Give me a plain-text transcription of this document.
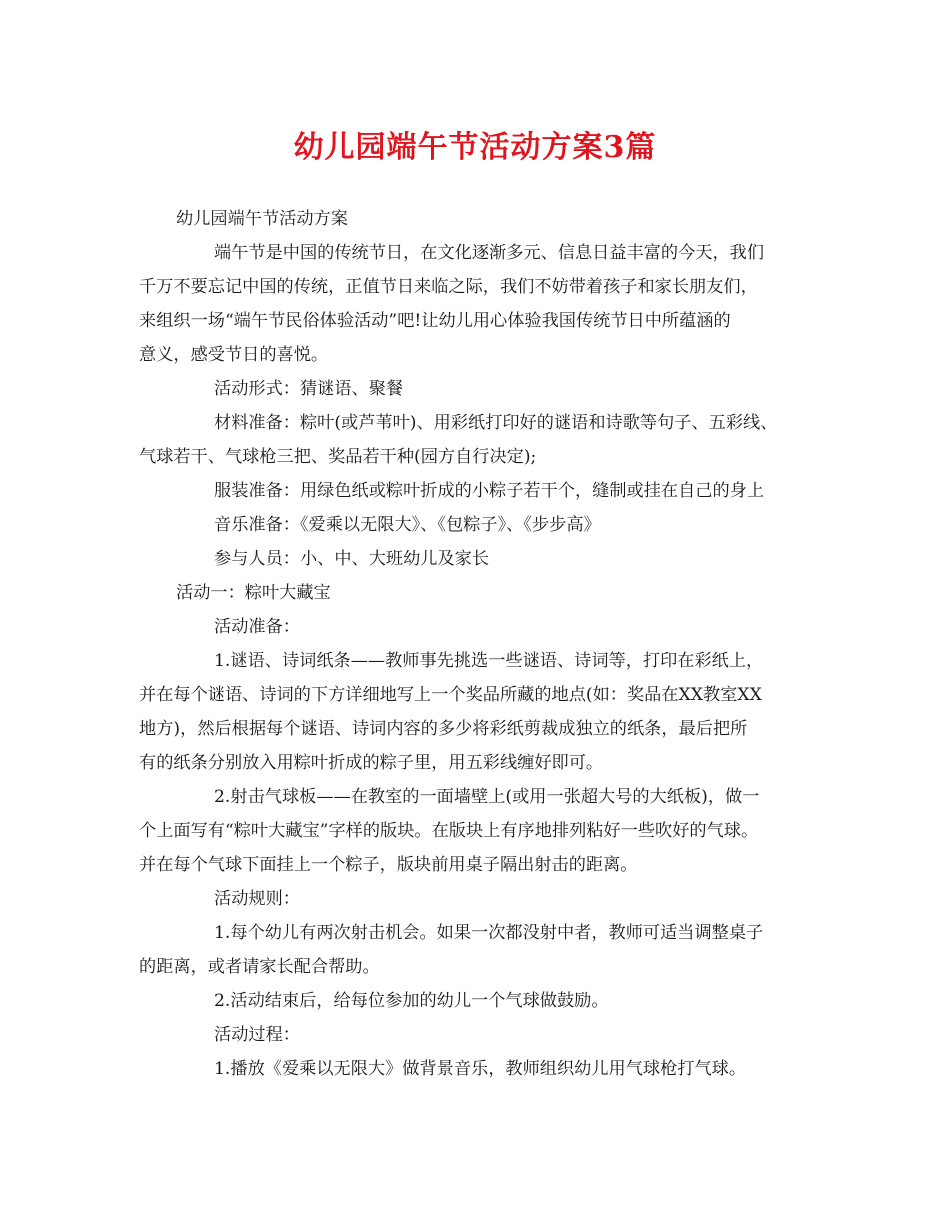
幼儿园端午节活动方案3篇
幼儿园端午节活动方案
端午节是中国的传统节日，在文化逐渐多元、信息日益丰富的今天，我们
千万不要忘记中国的传统，正值节日来临之际，我们不妨带着孩子和家长朋友们，
来组织一场“端午节民俗体验活动”吧!让幼儿用心体验我国传统节日中所蕴涵的
意义，感受节日的喜悦。
活动形式：猜谜语、聚餐
材料准备：粽叶(或芦苇叶)、用彩纸打印好的谜语和诗歌等句子、五彩线、
气球若干、气球枪三把、奖品若干种(园方自行决定);
服装准备：用绿色纸或粽叶折成的小粽子若干个，缝制或挂在自己的身上
音乐准备：《爱乘以无限大》、《包粽子》、《步步高》
参与人员：小、中、大班幼儿及家长
活动一：粽叶大藏宝
活动准备：
1.谜语、诗词纸条——教师事先挑选一些谜语、诗词等，打印在彩纸上，
并在每个谜语、诗词的下方详细地写上一个奖品所藏的地点(如：奖品在XX教室XX
地方)，然后根据每个谜语、诗词内容的多少将彩纸剪裁成独立的纸条，最后把所
有的纸条分别放入用粽叶折成的粽子里，用五彩线缠好即可。
2.射击气球板——在教室的一面墙壁上(或用一张超大号的大纸板)，做一
个上面写有“粽叶大藏宝”字样的版块。在版块上有序地排列粘好一些吹好的气球。
并在每个气球下面挂上一个粽子，版块前用桌子隔出射击的距离。
活动规则：
1.每个幼儿有两次射击机会。如果一次都没射中者，教师可适当调整桌子
的距离，或者请家长配合帮助。
2.活动结束后，给每位参加的幼儿一个气球做鼓励。
活动过程：
1.播放《爱乘以无限大》做背景音乐，教师组织幼儿用气球枪打气球。
